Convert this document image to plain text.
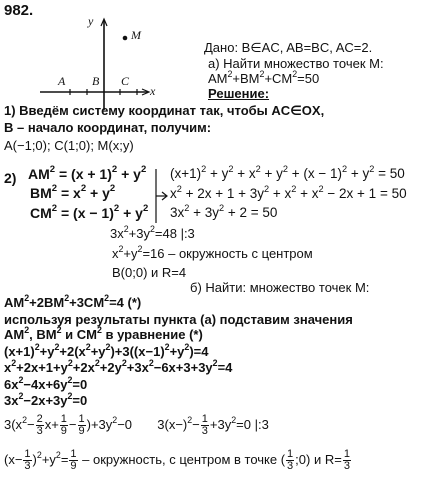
982.
y
x
A B C
M
Дано: B∈AC, AB=BC, AC=2.
а) Найти множество точек M:
$AM^2+BM^2+CM^2=50$
Решение:
1) Введём систему координат так, чтобы AC∈OX,
B – начало координат, получим:
A(−1;0); C(1;0); M(x;y)
2) $AM^2 = (x + 1)^2 + y^2$
$BM^2 = x^2 + y^2$
$CM^2 = (x - 1)^2 + y^2$
$(x+1)^2 + y^2 + x^2 + y^2 + (x - 1)^2 + y^2 = 50$
$x^2 + 2x + 1 + 3y^2 + x^2 + x^2 - 2x + 1 = 50$
$3x^2 + 3y^2 + 2 = 50$
$3x^2+3y^2=48$ |:3
$x^2+y^2=16$ – окружность с центром
B(0;0) и R=4
б) Найти: множество точек M:
$AM^2+2BM^2+3CM^2=4$ (*)
используя результаты пункта (а) подставим значения
$AM^2$, $BM^2$ и $CM^2$ в уравнение (*)
$(x+1)^2+y^2+2(x^2+y^2)+3((x-1)^2+y^2)=4$
$x^2+2x+1+y^2+2x^2+2y^2+3x^2-6x+3+3y^2=4$
$6x^2-4x+6y^2=0$
$3x^2-2x+3y^2=0$
$3(x^2- \frac{2}{3} x+ \frac{1}{9} - \frac{1}{9} )+3y^2-0$  $3(x-)^2- \frac{1}{3} +3y^2=0$ |:3
$(x- \frac{1}{3} )^2+y^2= \frac{1}{9}$ – окружность, с центром в точке ( $\frac{1}{3}$ ;0) и $R= \frac{1}{3}$
